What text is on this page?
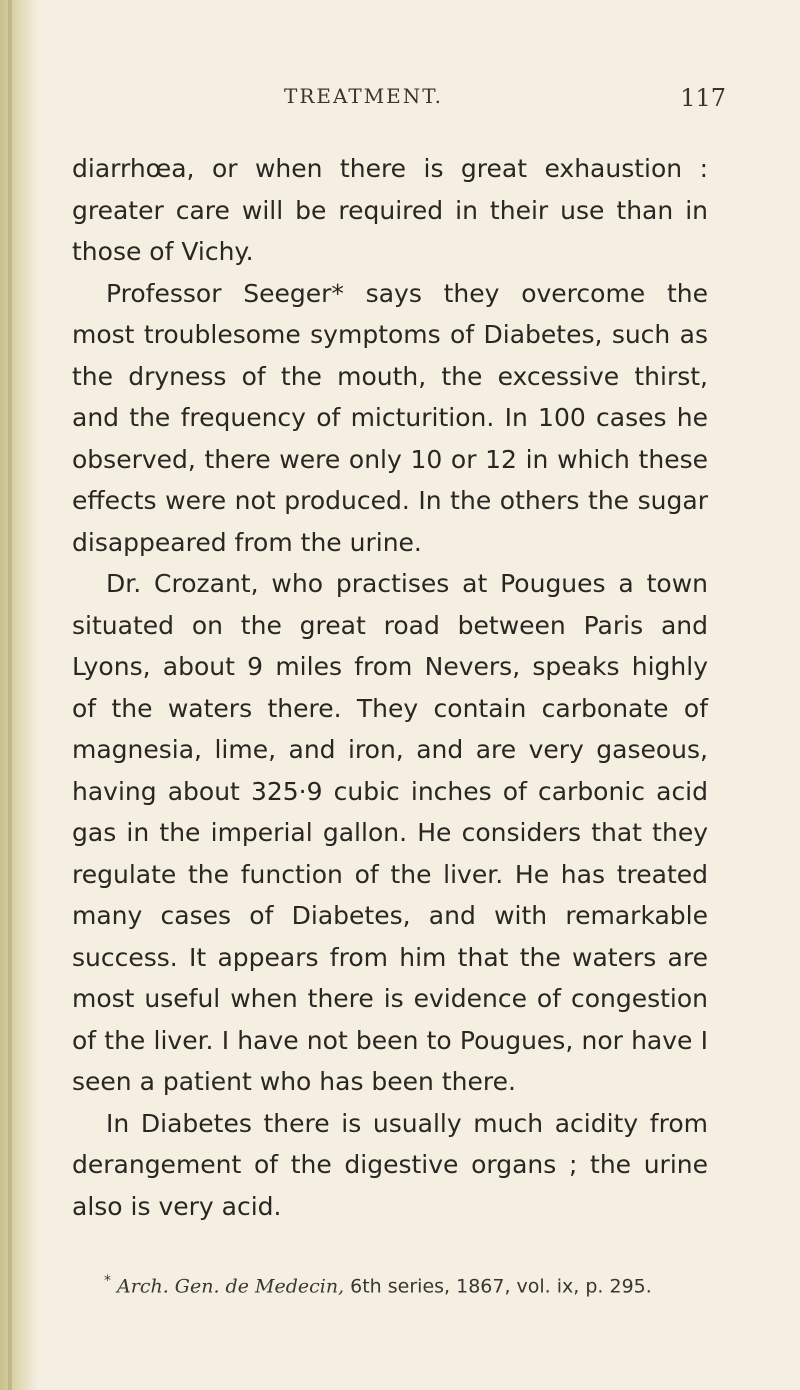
TREATMENT.	117

diarrhœa, or when there is great exhaustion : greater care will be required in their use than in those of Vichy.

Professor Seeger* says they overcome the most troublesome symptoms of Diabetes, such as the dryness of the mouth, the excessive thirst, and the frequency of micturition. In 100 cases he observed, there were only 10 or 12 in which these effects were not produced. In the others the sugar disappeared from the urine.

Dr. Crozant, who practises at Pougues a town situated on the great road between Paris and Lyons, about 9 miles from Nevers, speaks highly of the waters there. They contain carbonate of magnesia, lime, and iron, and are very gaseous, having about 325·9 cubic inches of carbonic acid gas in the imperial gallon. He considers that they regulate the function of the liver. He has treated many cases of Diabetes, and with remarkable success. It appears from him that the waters are most useful when there is evidence of congestion of the liver. I have not been to Pougues, nor have I seen a patient who has been there.

In Diabetes there is usually much acidity from derangement of the digestive organs ; the urine also is very acid.

* Arch. Gen. de Medecin, 6th series, 1867, vol. ix, p. 295.
